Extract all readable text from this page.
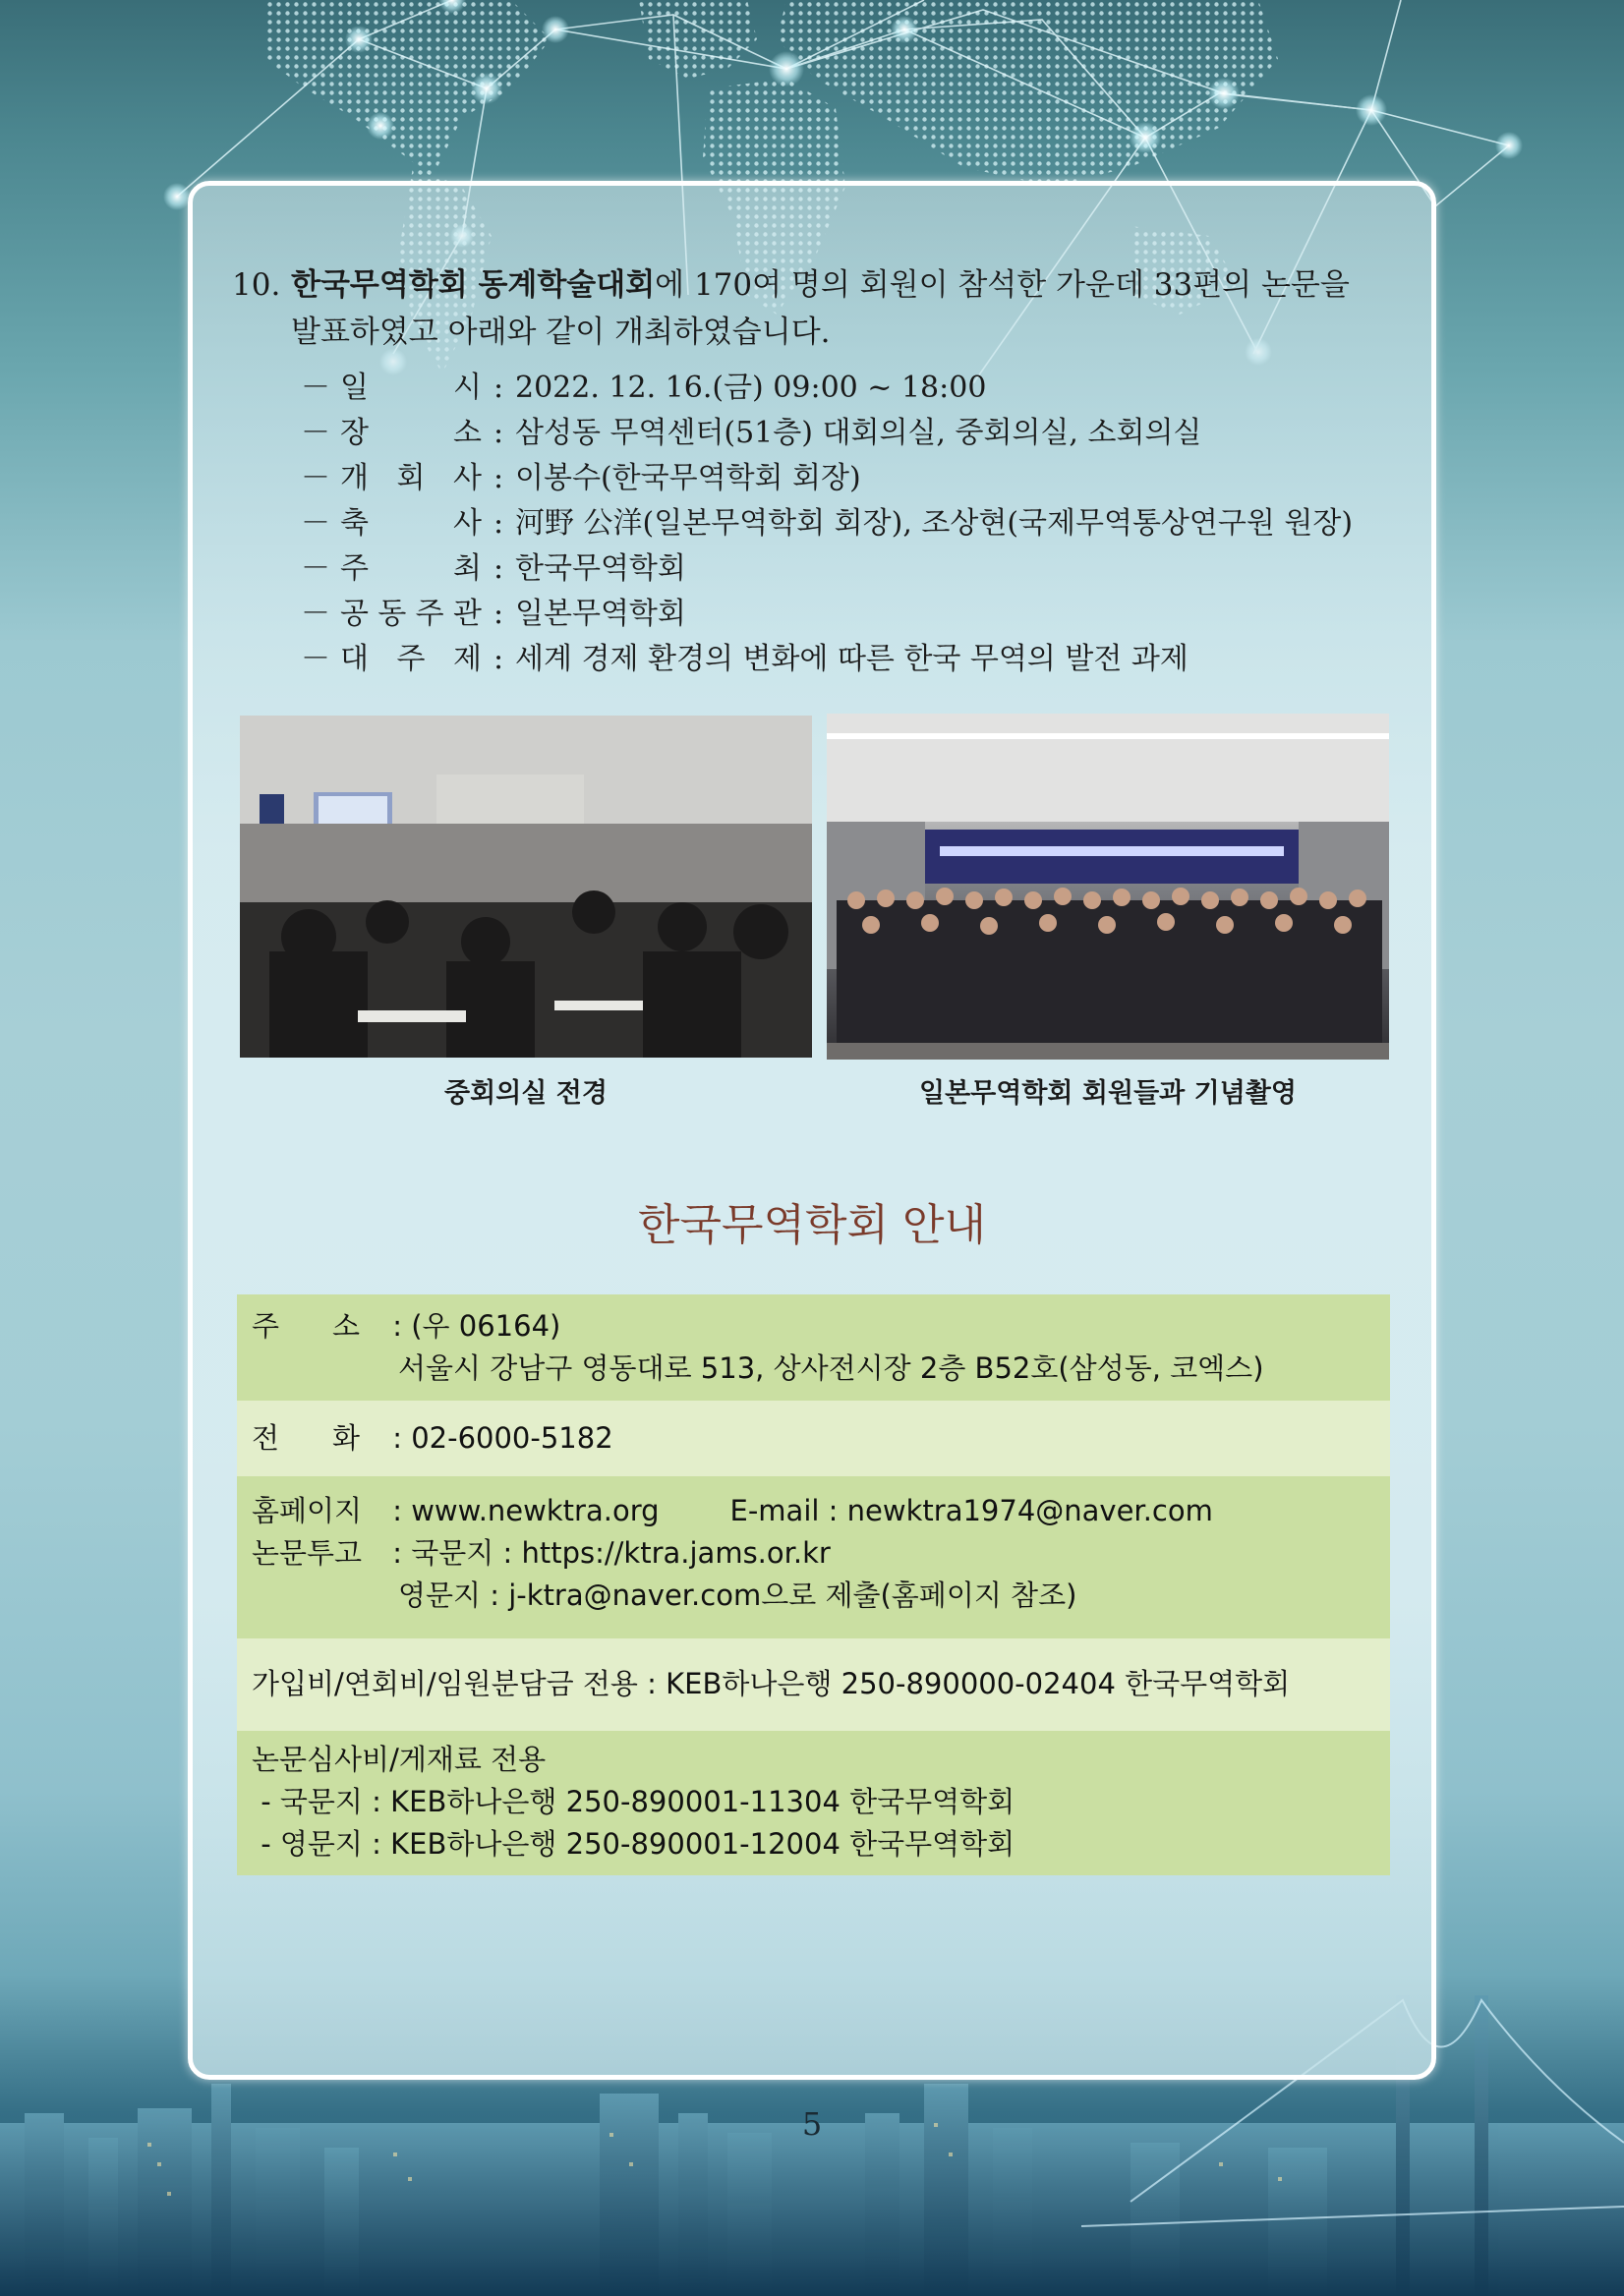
10. 한국무역학회 동계학술대회에 170여 명의 회원이 참석한 가운데 33편의 논문을
발표하였고 아래와 같이 개최하였습니다.
－ 일	시 : 2022. 12. 16.(금) 09:00 ~ 18:00
－ 장	소 : 삼성동 무역센터(51층) 대회의실, 중회의실, 소회의실
－ 개 회 사 : 이봉수(한국무역학회 회장)
－ 축	사 : 河野 公洋(일본무역학회 회장), 조상현(국제무역통상연구원 원장)
－ 주	최 : 한국무역학회
－ 공 동 주 관 : 일본무역학회
－ 대 주 제 : 세계 경제 환경의 변화에 따른 한국 무역의 발전 과제
중회의실 전경	일본무역학회 회원들과 기념촬영
한국무역학회 안내
주 소 : (우 06164)
서울시 강남구 영동대로 513, 상사전시장 2층 B52호(삼성동, 코엑스)
전 화 : 02-6000-5182
홈페이지 : www.newktra.org E-mail : newktra1974@naver.com
논문투고 : 국문지 : https://ktra.jams.or.kr
영문지 : j-ktra@naver.com으로 제출(홈페이지 참조)
가입비/연회비/임원분담금 전용 : KEB하나은행 250-890000-02404 한국무역학회
논문심사비/게재료 전용
- 국문지 : KEB하나은행 250-890001-11304 한국무역학회
- 영문지 : KEB하나은행 250-890001-12004 한국무역학회
5
